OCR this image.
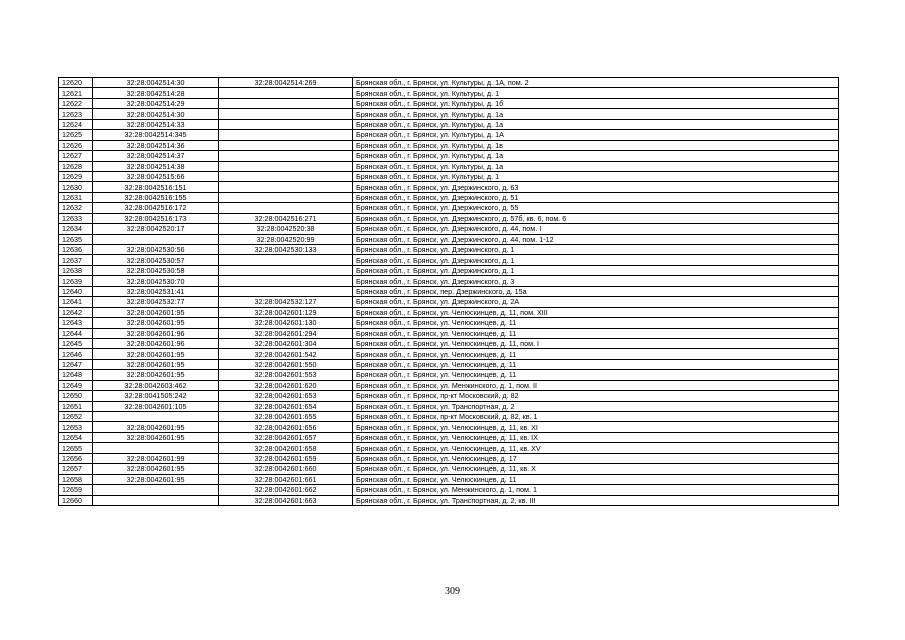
12620	32:28:0042514:30	32:28:0042514:269	Брянская обл., г. Брянск, ул. Культуры, д. 1А, пом. 2
12621	32:28:0042514:28		Брянская обл., г. Брянск, ул. Культуры, д. 1
12622	32:28:0042514:29		Брянская обл., г. Брянск, ул. Культуры, д. 1б
12623	32:28:0042514:30		Брянская обл., г. Брянск, ул. Культуры, д. 1а
12624	32:28:0042514:33		Брянская обл., г. Брянск, ул. Культуры, д. 1а
12625	32:28:0042514:345		Брянская обл., г. Брянск, ул. Культуры, д. 1А
12626	32:28:0042514:36		Брянская обл., г. Брянск, ул. Культуры, д. 1в
12627	32:28:0042514:37		Брянская обл., г. Брянск, ул. Культуры, д. 1а
12628	32:28:0042514:38		Брянская обл., г. Брянск, ул. Культуры, д. 1а
12629	32:28:0042515:66		Брянская обл., г. Брянск, ул. Культуры, д. 1
12630	32:28:0042516:151		Брянская обл., г. Брянск, ул. Дзержинского, д. 63
12631	32:28:0042516:155		Брянская обл., г. Брянск, ул. Дзержинского, д. 51
12632	32:28:0042516:172		Брянская обл., г. Брянск, ул. Дзержинского, д. 55
12633	32:28:0042516:173	32:28:0042516:271	Брянская обл., г. Брянск, ул. Дзержинского, д. 57б, кв. 6, пом. 6
12634	32:28:0042520:17	32:28:0042520:38	Брянская обл., г. Брянск, ул. Дзержинского, д. 44, пом. I
12635		32:28:0042520:99	Брянская обл., г. Брянск, ул. Дзержинского, д. 44, пом. 1-12
12636	32:28:0042530:56	32:28:0042530:133	Брянская обл., г. Брянск, ул. Дзержинского, д. 1
12637	32:28:0042530:57		Брянская обл., г. Брянск, ул. Дзержинского, д. 1
12638	32:28:0042530:58		Брянская обл., г. Брянск, ул. Дзержинского, д. 1
12639	32:28:0042530:70		Брянская обл., г. Брянск, ул. Дзержинского, д. 3
12640	32:28:0042531:41		Брянская обл., г. Брянск, пер. Дзержинского, д. 15а
12641	32:28:0042532:77	32:28:0042532:127	Брянская обл., г. Брянск, ул. Дзержинского, д. 2А
12642	32:28:0042601:95	32:28:0042601:129	Брянская обл., г. Брянск, ул. Челюскинцев, д. 11, пом. XIII
12643	32:28:0042601:95	32:28:0042601:130	Брянская обл., г. Брянск, ул. Челюскинцев, д. 11
12644	32:28:0042601:96	32:28:0042601:294	Брянская обл., г. Брянск, ул. Челюскинцев, д. 11
12645	32:28:0042601:96	32:28:0042601:304	Брянская обл., г. Брянск, ул. Челюскинцев, д. 11, пом. I
12646	32:28:0042601:95	32:28:0042601:542	Брянская обл., г. Брянск, ул. Челюскинцев, д. 11
12647	32:28:0042601:95	32:28:0042601:550	Брянская обл., г. Брянск, ул. Челюскинцев, д. 11
12648	32:28:0042601:95	32:28:0042601:553	Брянская обл., г. Брянск, ул. Челюскинцев, д. 11
12649	32:28:0042603:462	32:28:0042601:620	Брянская обл., г. Брянск, ул. Менжинского, д. 1, пом. II
12650	32:28:0041505:242	32:28:0042601:653	Брянская обл., г. Брянск, пр-кт Московский, д. 82
12651	32:28:0042601:105	32:28:0042601:654	Брянская обл., г. Брянск, ул. Транспортная, д. 2
12652		32:28:0042601:655	Брянская обл., г. Брянск, пр-кт Московский, д. 82, кв. 1
12653	32:28:0042601:95	32:28:0042601:656	Брянская обл., г. Брянск, ул. Челюскинцев, д. 11, кв. XI
12654	32:28:0042601:95	32:28:0042601:657	Брянская обл., г. Брянск, ул. Челюскинцев, д. 11, кв. IX
12655		32:28:0042601:658	Брянская обл., г. Брянск, ул. Челюскинцев, д. 11, кв. XV
12656	32:28:0042601:99	32:28:0042601:659	Брянская обл., г. Брянск, ул. Челюскинцев, д. 17
12657	32:28:0042601:95	32:28:0042601:660	Брянская обл., г. Брянск, ул. Челюскинцев, д. 11, кв. X
12658	32:28:0042601:95	32:28:0042601:661	Брянская обл., г. Брянск, ул. Челюскинцев, д. 11
12659		32:28:0042601:662	Брянская обл., г. Брянск, ул. Менжинского, д. 1, пом. 1
12660		32:28:0042601:663	Брянская обл., г. Брянск, ул. Транспортная, д. 2, кв. III
309
